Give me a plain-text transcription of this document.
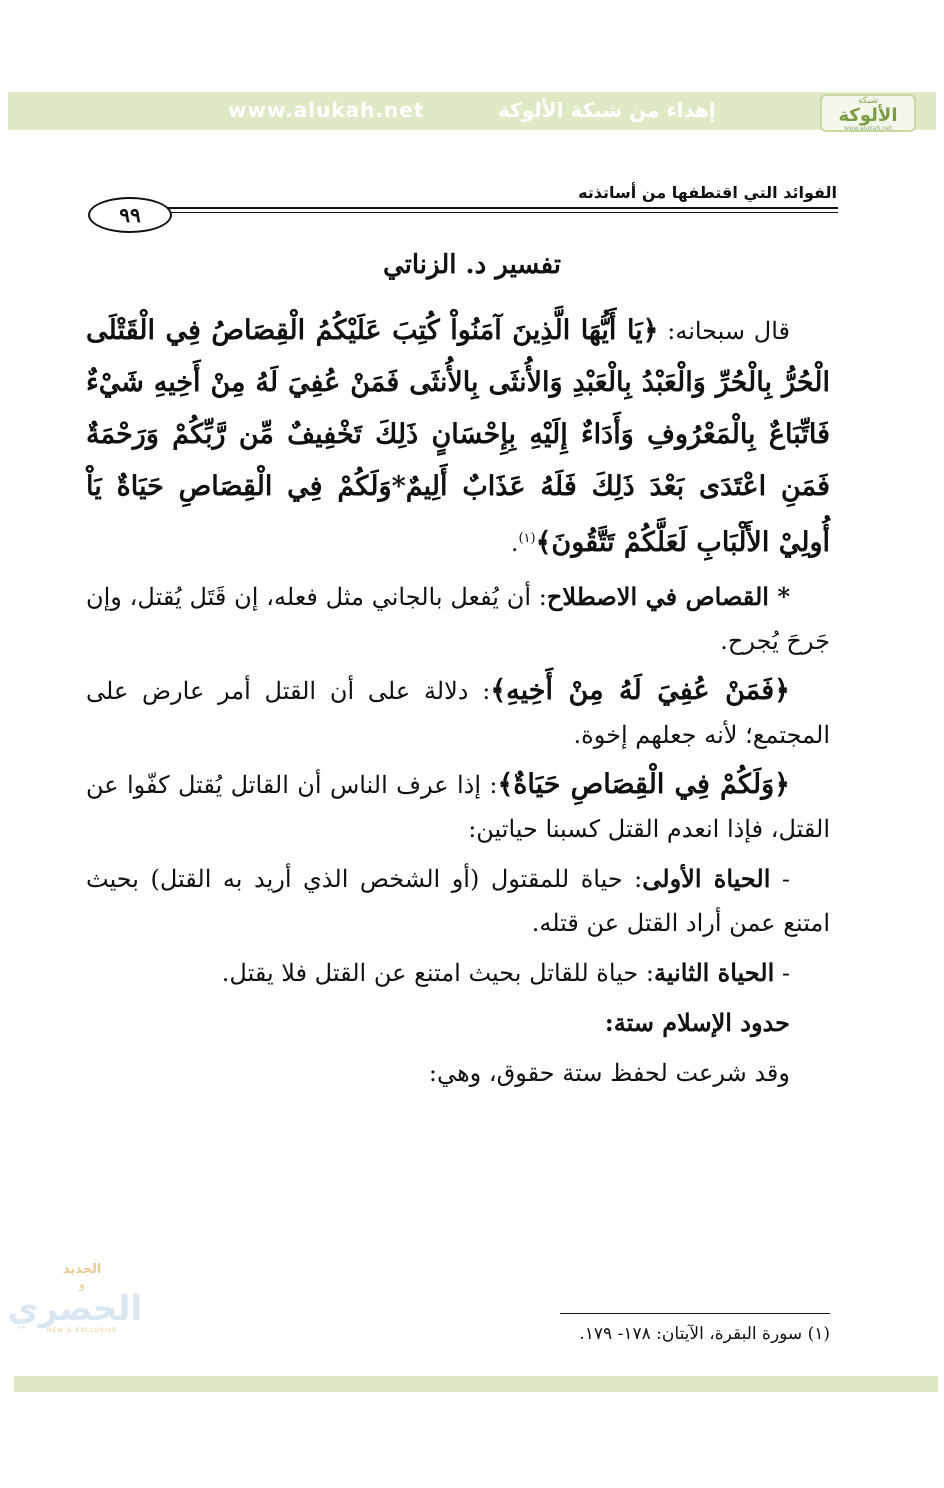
www.alukah.net	إهداء من شبكة الألوكة	شبكة
الألوكة
www.alukah.net
الفوائد التي اقتطفها من أساتذته
٩٩
تفسير د. الزناتي

قال سبحانه: ﴿يَا أَيُّهَا الَّذِينَ آمَنُواْ كُتِبَ عَلَيْكُمُ الْقِصَاصُ فِي الْقَتْلَى الْحُرُّ بِالْحُرِّ وَالْعَبْدُ بِالْعَبْدِ وَالأُنثَى بِالأُنثَى فَمَنْ عُفِيَ لَهُ مِنْ أَخِيهِ شَيْءٌ فَاتِّبَاعٌ بِالْمَعْرُوفِ وَأَدَاءٌ إِلَيْهِ بِإِحْسَانٍ ذَلِكَ تَخْفِيفٌ مِّن رَّبِّكُمْ وَرَحْمَةٌ فَمَنِ اعْتَدَى بَعْدَ ذَلِكَ فَلَهُ عَذَابٌ أَلِيمٌ*وَلَكُمْ فِي الْقِصَاصِ حَيَاةٌ يَاْ أُولِيْ الأَلْبَابِ لَعَلَّكُمْ تَتَّقُونَ﴾$^{(١)}$.

* القصاص في الاصطلاح: أن يُفعل بالجاني مثل فعله، إن قَتَل يُقتل، وإن جَرحَ يُجرح.

﴿فَمَنْ عُفِيَ لَهُ مِنْ أَخِيهِ﴾: دلالة على أن القتل أمر عارض على المجتمع؛ لأنه جعلهم إخوة.

﴿وَلَكُمْ فِي الْقِصَاصِ حَيَاةٌ﴾: إذا عرف الناس أن القاتل يُقتل كفّوا عن القتل، فإذا انعدم القتل كسبنا حياتين:

- الحياة الأولى: حياة للمقتول (أو الشخص الذي أريد به القتل) بحيث امتنع عمن أراد القتل عن قتله.

- الحياة الثانية: حياة للقاتل بحيث امتنع عن القتل فلا يقتل.

حدود الإسلام ستة:

وقد شرعت لحفظ ستة حقوق، وهي:

(١) سورة البقرة، الآيتان: ١٧٨- ١٧٩.
الجديد
و
الحصري
NEW & EXCLUSIVE
